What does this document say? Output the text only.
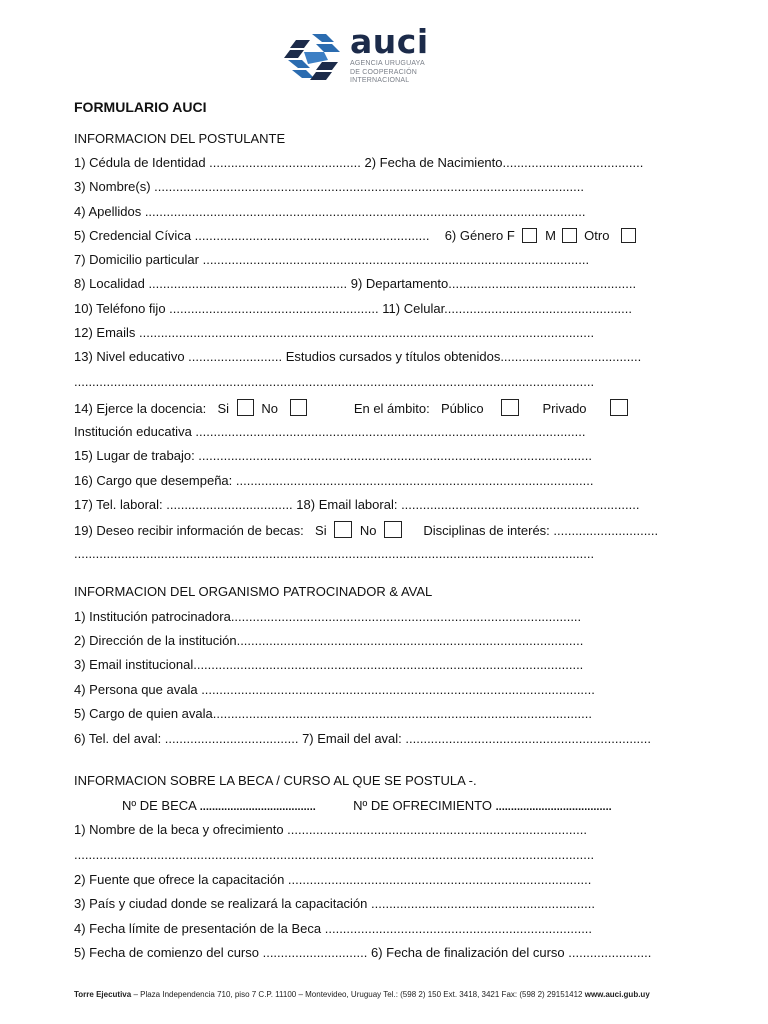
auci
AGENCIA URUGUAYA
DE COOPERACIÓN
INTERNACIONAL
FORMULARIO AUCI
INFORMACION DEL POSTULANTE
1) Cédula de Identidad .......................................... 2) Fecha de Nacimiento.......................................
3) Nombre(s) .......................................................................................................................
4) Apellidos ..........................................................................................................................
5) Credencial Cívica ................................................................. 6) Género F M Otro
7) Domicilio particular ...........................................................................................................
8) Localidad ....................................................... 9) Departamento....................................................
10) Teléfono fijo .......................................................... 11) Celular....................................................
12) Emails ..............................................................................................................................
13) Nivel educativo .......................... Estudios cursados y títulos obtenidos.......................................
................................................................................................................................................
14) Ejerce la docencia: Si No	En el ámbito: Público	Privado
Institución educativa ............................................................................................................
15) Lugar de trabajo: .............................................................................................................
16) Cargo que desempeña: ...................................................................................................
17) Tel. laboral: ................................... 18) Email laboral: ..................................................................
19) Deseo recibir información de becas: Si	No	Disciplinas de interés: .............................
................................................................................................................................................
INFORMACION DEL ORGANISMO PATROCINADOR & AVAL
1) Institución patrocinadora.................................................................................................
2) Dirección de la institución................................................................................................
3) Email institucional............................................................................................................
4) Persona que avala .............................................................................................................
5) Cargo de quien avala.........................................................................................................
6) Tel. del aval: ..................................... 7) Email del aval: ....................................................................
INFORMACION SOBRE LA BECA / CURSO AL QUE SE POSTULA -.
Nº DE BECA ......................................	Nº DE OFRECIMIENTO ......................................
1) Nombre de la beca y ofrecimiento ...................................................................................
................................................................................................................................................
2) Fuente que ofrece la capacitación ....................................................................................
3) País y ciudad donde se realizará la capacitación ..............................................................
4) Fecha límite de presentación de la Beca ..........................................................................
5) Fecha de comienzo del curso ............................. 6) Fecha de finalización del curso .......................
Torre Ejecutiva – Plaza Independencia 710, piso 7 C.P. 11100 – Montevideo, Uruguay Tel.: (598 2) 150 Ext. 3418, 3421 Fax: (598 2) 29151412 www.auci.gub.uy
